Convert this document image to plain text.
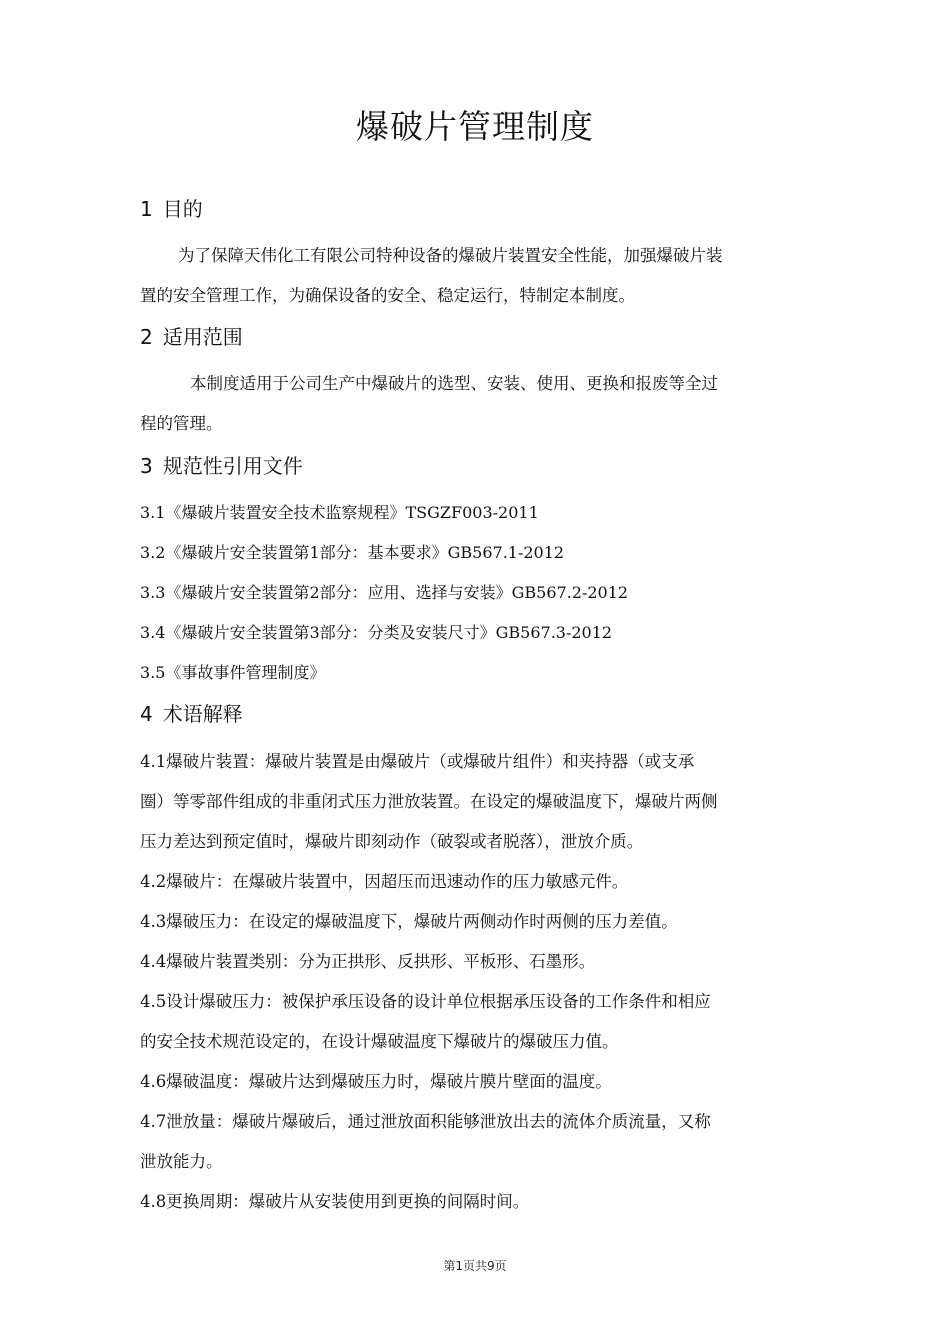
爆破片管理制度
1 目的
为了保障天伟化工有限公司特种设备的爆破片装置安全性能，加强爆破片装
置的安全管理工作，为确保设备的安全、稳定运行，特制定本制度。
2 适用范围
本制度适用于公司生产中爆破片的选型、安装、使用、更换和报废等全过
程的管理。
3 规范性引用文件
3.1《爆破片装置安全技术监察规程》TSGZF003-2011
3.2《爆破片安全装置第1部分：基本要求》GB567.1-2012
3.3《爆破片安全装置第2部分：应用、选择与安装》GB567.2-2012
3.4《爆破片安全装置第3部分：分类及安装尺寸》GB567.3-2012
3.5《事故事件管理制度》
4 术语解释
4.1爆破片装置：爆破片装置是由爆破片（或爆破片组件）和夹持器（或支承
圈）等零部件组成的非重闭式压力泄放装置。在设定的爆破温度下，爆破片两侧
压力差达到预定值时，爆破片即刻动作（破裂或者脱落），泄放介质。
4.2爆破片：在爆破片装置中，因超压而迅速动作的压力敏感元件。
4.3爆破压力：在设定的爆破温度下，爆破片两侧动作时两侧的压力差值。
4.4爆破片装置类别：分为正拱形、反拱形、平板形、石墨形。
4.5设计爆破压力：被保护承压设备的设计单位根据承压设备的工作条件和相应
的安全技术规范设定的，在设计爆破温度下爆破片的爆破压力值。
4.6爆破温度：爆破片达到爆破压力时，爆破片膜片壁面的温度。
4.7泄放量：爆破片爆破后，通过泄放面积能够泄放出去的流体介质流量，又称
泄放能力。
4.8更换周期：爆破片从安装使用到更换的间隔时间。
第1页共9页
